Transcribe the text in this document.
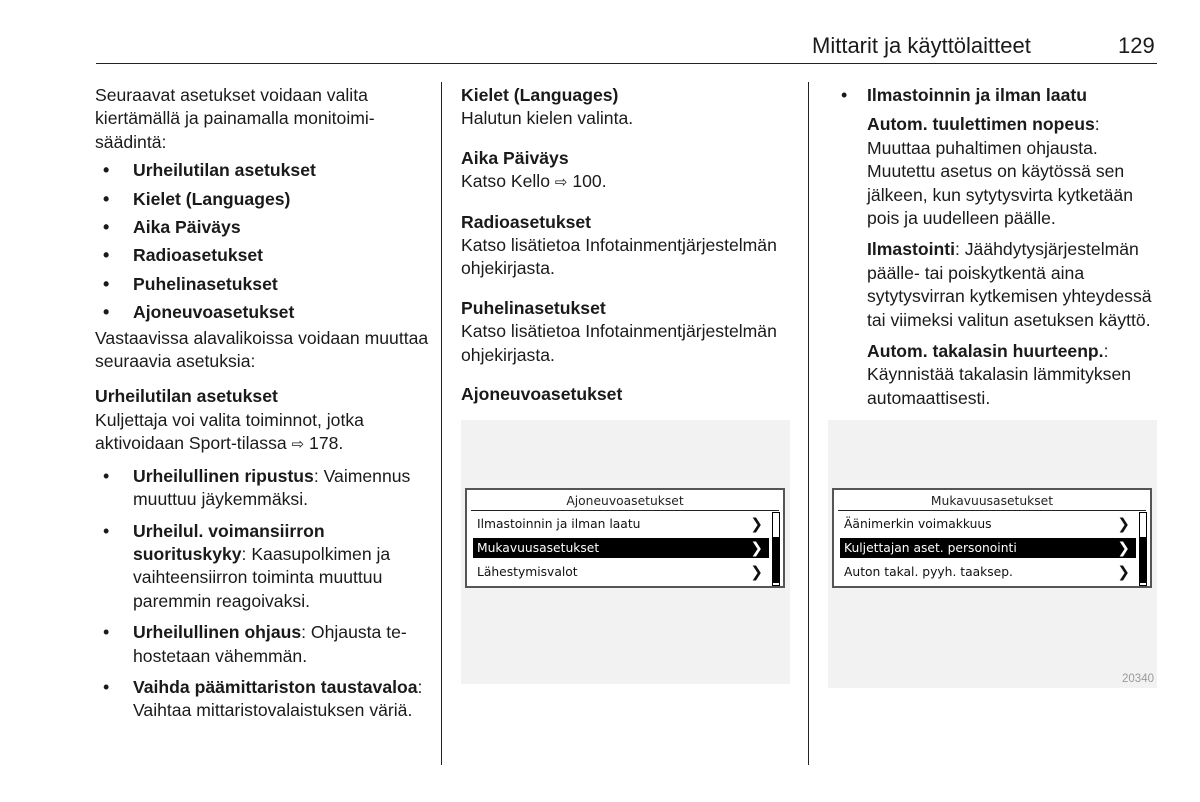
Mittarit ja käyttölaitteet	129

Seuraavat asetukset voidaan valita kiertämällä ja painamalla monitoimisäädintä:

• Urheilutilan asetukset
• Kielet (Languages)
• Aika Päiväys
• Radioasetukset
• Puhelinasetukset
• Ajoneuvoasetukset

Vastaavissa alavalikoissa voidaan muuttaa seuraavia asetuksia:

Urheilutilan asetukset

Kuljettaja voi valita toiminnot, jotka aktivoidaan Sport-tilassa ⇨ 178.

• Urheilullinen ripustus: Vaimennus muuttuu jäykemmäksi.
• Urheilul. voimansiirron suorituskyky: Kaasupolkimen ja vaihteensiirron toiminta muuttuu paremmin reagoivaksi.
• Urheilullinen ohjaus: Ohjausta tehostetaan vähemmän.
• Vaihda päämittariston taustavaloa: Vaihtaa mittaristovalaistuksen väriä.

Kielet (Languages)

Halutun kielen valinta.

Aika Päiväys

Katso Kello ⇨ 100.

Radioasetukset

Katso lisätietoa Infotainmentjärjestelmän ohjekirjasta.

Puhelinasetukset

Katso lisätietoa Infotainmentjärjestelmän ohjekirjasta.

Ajoneuvoasetukset

Ajoneuvoasetukset
Ilmastoinnin ja ilman laatu	❯
Mukavuusasetukset	❯
Lähestymisvalot	❯
• Ilmastoinnin ja ilman laatu

Autom. tuulettimen nopeus: Muuttaa puhaltimen ohjausta. Muutettu asetus on käytössä sen jälkeen, kun sytytysvirta kytketään pois ja uudelleen päälle.

Ilmastointi: Jäähdytysjärjestelmän päälle- tai poiskytkentä aina sytytysvirran kytkemisen yhteydessä tai viimeksi valitun asetuksen käyttö.

Autom. takalasin huurteenp.: Käynnistää takalasin lämmityksen automaattisesti.

Mukavuusasetukset
Äänimerkin voimakkuus	❯
Kuljettajan aset. personointi	❯
Auton takal. pyyh. taaksep.	❯
20340
